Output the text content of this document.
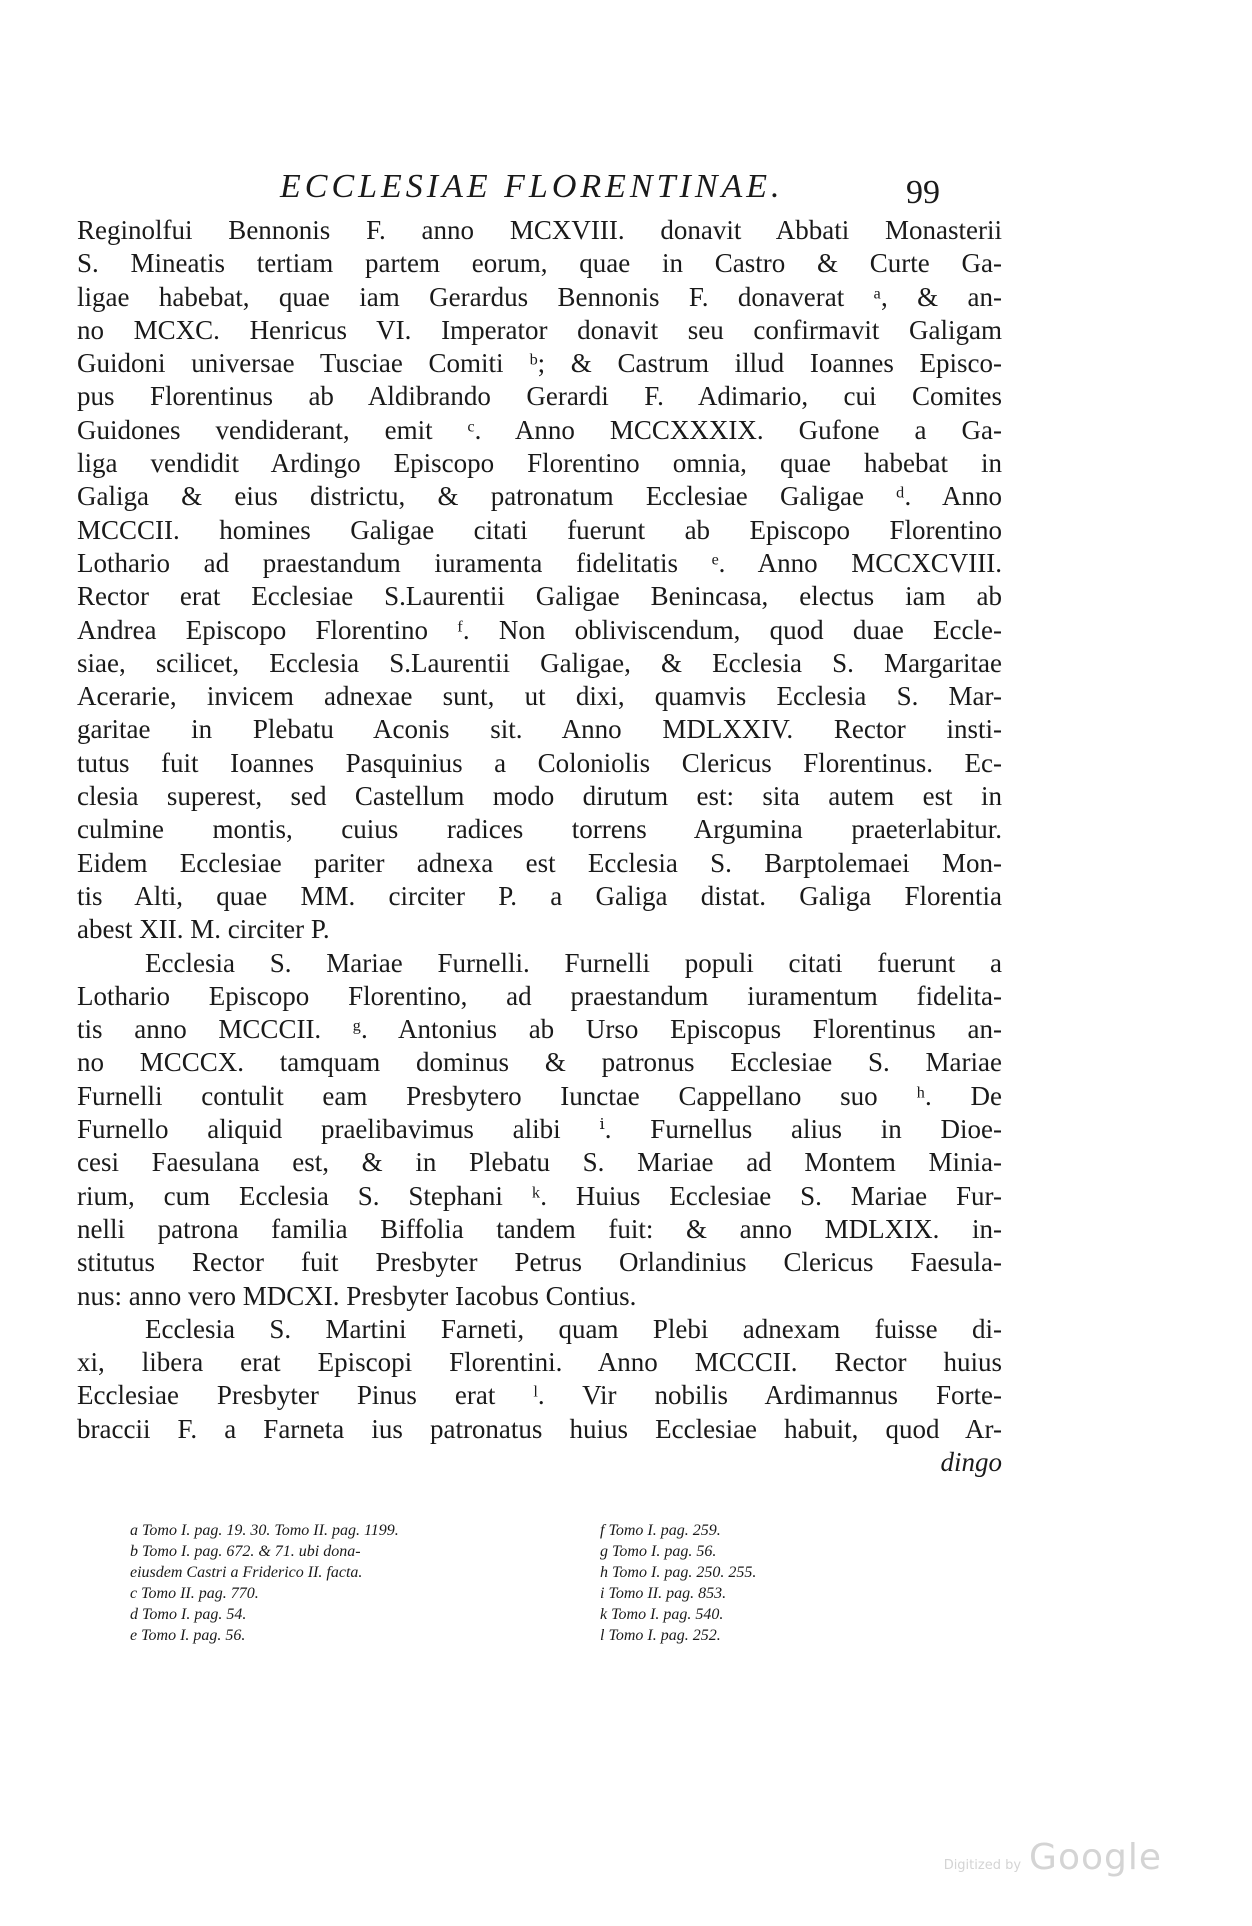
ECCLESIAE FLORENTINAE.	99
Reginolfui Bennonis F. anno MCXVIII. donavit Abbati Monasterii
S. Mineatis tertiam partem eorum, quae in Castro & Curte Ga-
ligae habebat, quae iam Gerardus Bennonis F. donaverat ᵃ, & an-
no MCXC. Henricus VI. Imperator donavit seu confirmavit Galigam
Guidoni universae Tusciae Comiti ᵇ; & Castrum illud Ioannes Episco-
pus Florentinus ab Aldibrando Gerardi F. Adimario, cui Comites
Guidones vendiderant, emit ᶜ. Anno MCCXXXIX. Gufone a Ga-
liga vendidit Ardingo Episcopo Florentino omnia, quae habebat in
Galiga & eius districtu, & patronatum Ecclesiae Galigae ᵈ. Anno
MCCCII. homines Galigae citati fuerunt ab Episcopo Florentino
Lothario ad praestandum iuramenta fidelitatis ᵉ. Anno MCCXCVIII.
Rector erat Ecclesiae S.Laurentii Galigae Benincasa, electus iam ab
Andrea Episcopo Florentino ᶠ. Non obliviscendum, quod duae Eccle-
siae, scilicet, Ecclesia S.Laurentii Galigae, & Ecclesia S. Margaritae
Acerarie, invicem adnexae sunt, ut dixi, quamvis Ecclesia S. Mar-
garitae in Plebatu Aconis sit. Anno MDLXXIV. Rector insti-
tutus fuit Ioannes Pasquinius a Coloniolis Clericus Florentinus. Ec-
clesia superest, sed Castellum modo dirutum est: sita autem est in
culmine montis, cuius radices torrens Argumina praeterlabitur.
Eidem Ecclesiae pariter adnexa est Ecclesia S. Barptolemaei Mon-
tis Alti, quae MM. circiter P. a Galiga distat. Galiga Florentia
abest XII. M. circiter P.
Ecclesia S. Mariae Furnelli. Furnelli populi citati fuerunt a
Lothario Episcopo Florentino, ad praestandum iuramentum fidelita-
tis anno MCCCII. ᵍ. Antonius ab Urso Episcopus Florentinus an-
no MCCCX. tamquam dominus & patronus Ecclesiae S. Mariae
Furnelli contulit eam Presbytero Iunctae Cappellano suo ʰ. De
Furnello aliquid praelibavimus alibi ⁱ. Furnellus alius in Dioe-
cesi Faesulana est, & in Plebatu S. Mariae ad Montem Minia-
rium, cum Ecclesia S. Stephani ᵏ. Huius Ecclesiae S. Mariae Fur-
nelli patrona familia Biffolia tandem fuit: & anno MDLXIX. in-
stitutus Rector fuit Presbyter Petrus Orlandinius Clericus Faesula-
nus: anno vero MDCXI. Presbyter Iacobus Contius.
Ecclesia S. Martini Farneti, quam Plebi adnexam fuisse di-
xi, libera erat Episcopi Florentini. Anno MCCCII. Rector huius
Ecclesiae Presbyter Pinus erat ˡ. Vir nobilis Ardimannus Forte-
braccii F. a Farneta ius patronatus huius Ecclesiae habuit, quod Ar-
dingo
a Tomo I. pag. 19. 30. Tomo II. pag. 1199.
b Tomo I. pag. 672. & 71. ubi dona-
eiusdem Castri a Friderico II. facta.
c Tomo II. pag. 770.
d Tomo I. pag. 54.
e Tomo I. pag. 56.
f Tomo I. pag. 259.
g Tomo I. pag. 56.
h Tomo I. pag. 250. 255.
i Tomo II. pag. 853.
k Tomo I. pag. 540.
l Tomo I. pag. 252.
Digitized by Google
